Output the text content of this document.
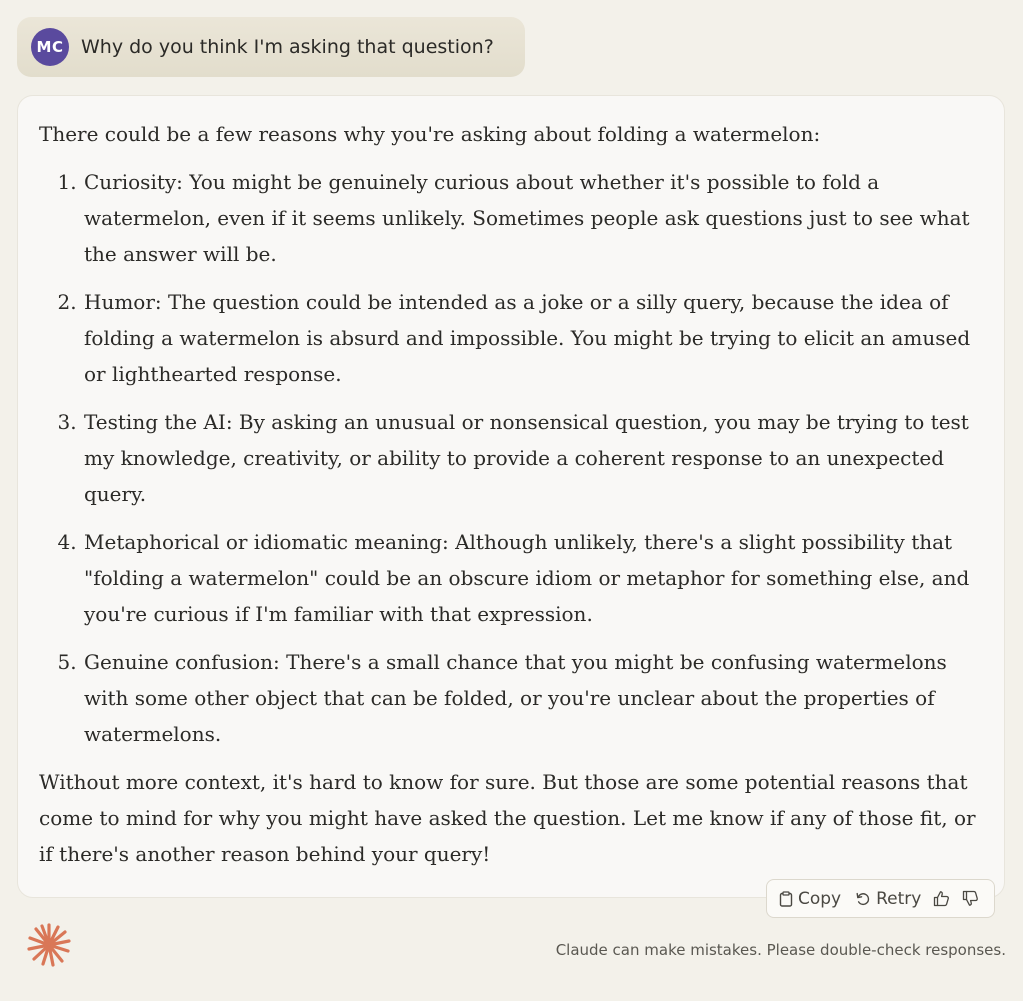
MC Why do you think I'm asking that question?

There could be a few reasons why you're asking about folding a watermelon:

1. Curiosity: You might be genuinely curious about whether it's possible to fold a watermelon, even if it seems unlikely. Sometimes people ask questions just to see what the answer will be.
2. Humor: The question could be intended as a joke or a silly query, because the idea of folding a watermelon is absurd and impossible. You might be trying to elicit an amused or lighthearted response.
3. Testing the AI: By asking an unusual or nonsensical question, you may be trying to test my knowledge, creativity, or ability to provide a coherent response to an unexpected query.
4. Metaphorical or idiomatic meaning: Although unlikely, there's a slight possibility that "folding a watermelon" could be an obscure idiom or metaphor for something else, and you're curious if I'm familiar with that expression.
5. Genuine confusion: There's a small chance that you might be confusing watermelons with some other object that can be folded, or you're unclear about the properties of watermelons.

Without more context, it's hard to know for sure. But those are some potential reasons that come to mind for why you might have asked the question. Let me know if any of those fit, or if there's another reason behind your query!

Copy Retry
Claude can make mistakes. Please double-check responses.
